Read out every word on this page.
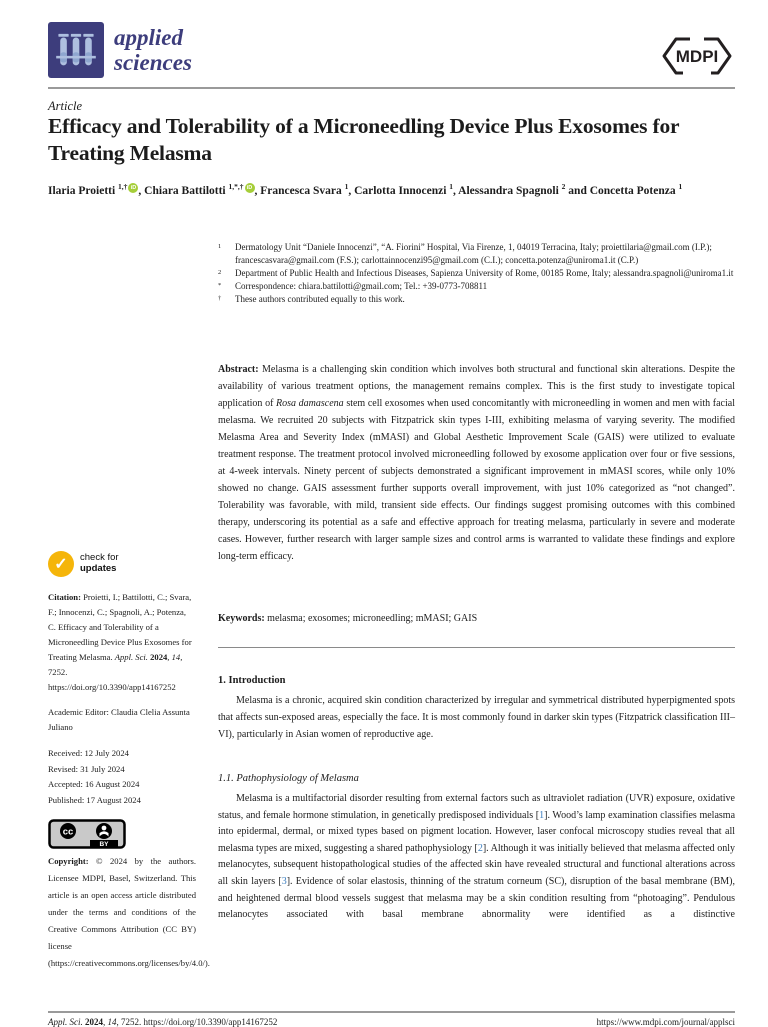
applied
sciences	MDPI
Article
Efficacy and Tolerability of a Microneedling Device Plus Exosomes for Treating Melasma
Ilaria Proietti $^{1,\dagger}$ iD , Chiara Battilotti $^{1,*,\dagger}$ iD , Francesca Svara $^1$, Carlotta Innocenzi $^1$, Alessandra Spagnoli $^2$ and Concetta Potenza $^1$
1	Dermatology Unit “Daniele Innocenzi”, “A. Fiorini” Hospital, Via Firenze, 1, 04019 Terracina, Italy; proiettilaria@gmail.com (I.P.); francescasvara@gmail.com (F.S.); carlottainnocenzi95@gmail.com (C.I.); concetta.potenza@uniroma1.it (C.P.)
2	Department of Public Health and Infectious Diseases, Sapienza University of Rome, 00185 Rome, Italy; alessandra.spagnoli@uniroma1.it
*	Correspondence: chiara.battilotti@gmail.com; Tel.: +39-0773-708811
†	These authors contributed equally to this work.
Abstract: Melasma is a challenging skin condition which involves both structural and functional skin alterations. Despite the availability of various treatment options, the management remains complex. This is the first study to investigate topical application of Rosa damascena stem cell exosomes when used concomitantly with microneedling in women and men with facial melasma. We recruited 20 subjects with Fitzpatrick skin types I-III, exhibiting melasma of varying severity. The modified Melasma Area and Severity Index (mMASI) and Global Aesthetic Improvement Scale (GAIS) were utilized to evaluate treatment response. The treatment protocol involved microneedling followed by exosome application over four or five sessions, at 4-week intervals. Ninety percent of subjects demonstrated a significant improvement in mMASI scores, while only 10% showed no change. GAIS assessment further supports overall improvement, with just 10% categorized as “not changed”. Tolerability was favorable, with mild, transient side effects. Our findings suggest promising outcomes with this combined therapy, underscoring its potential as a safe and effective approach for treating melasma, particularly in severe and moderate cases. However, further research with larger sample sizes and control arms is warranted to validate these findings and explore long-term efficacy.
Keywords: melasma; exosomes; microneedling; mMASI; GAIS
1. Introduction

Melasma is a chronic, acquired skin condition characterized by irregular and symmetrical distributed hyperpigmented spots that affects sun-exposed areas, especially the face. It is most commonly found in darker skin types (Fitzpatrick classification III–VI), particularly in Asian women of reproductive age.

1.1. Pathophysiology of Melasma

Melasma is a multifactorial disorder resulting from external factors such as ultraviolet radiation (UVR) exposure, oxidative status, and female hormone stimulation, in genetically predisposed individuals [1]. Wood’s lamp examination classifies melasma into epidermal, dermal, or mixed types based on pigment location. However, laser confocal microscopy studies reveal that all melasma types are mixed, suggesting a shared pathophysiology [2]. Although it was initially believed that melasma affected only melanocytes, subsequent histopathological studies of the affected skin have revealed structural and functional alterations across all skin layers [3]. Evidence of solar elastosis, thinning of the stratum corneum (SC), disruption of the basal membrane (BM), and heightened dermal blood vessels suggest that melasma may be a skin condition resulting from “photoaging”. Pendulous melanocytes associated with basal membrane abnormality were identified as a distinctive

✓	check for
updates
Citation: Proietti, I.; Battilotti, C.; Svara, F.; Innocenzi, C.; Spagnoli, A.; Potenza, C. Efficacy and Tolerability of a Microneedling Device Plus Exosomes for Treating Melasma. Appl. Sci. 2024, 14, 7252. https://doi.org/10.3390/app14167252
Academic Editor: Claudia Clelia Assunta Juliano
Received: 12 July 2024
Revised: 31 July 2024
Accepted: 16 August 2024
Published: 17 August 2024
cc
BY
Copyright: © 2024 by the authors. Licensee MDPI, Basel, Switzerland. This article is an open access article distributed under the terms and conditions of the Creative Commons Attribution (CC BY) license (https://creativecommons.org/licenses/by/4.0/).
Appl. Sci. 2024, 14, 7252. https://doi.org/10.3390/app14167252	https://www.mdpi.com/journal/applsci
